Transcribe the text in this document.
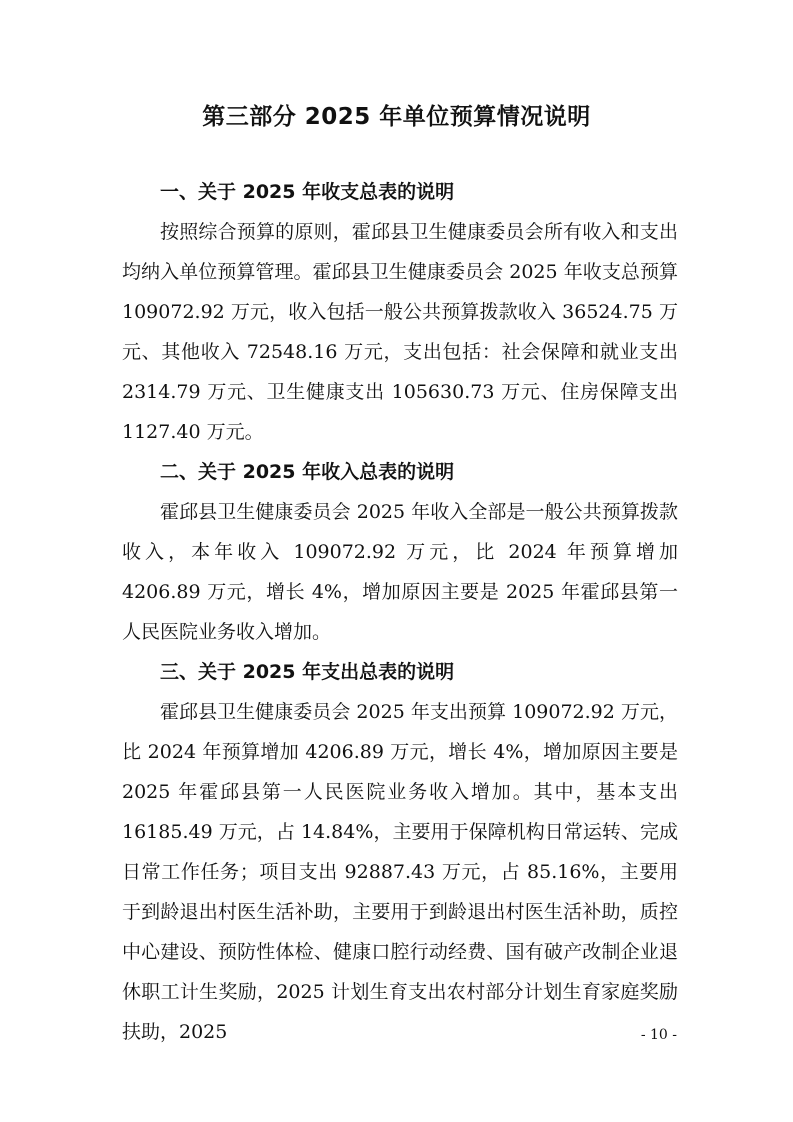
第三部分 2025 年单位预算情况说明
一、关于 2025 年收支总表的说明

按照综合预算的原则，霍邱县卫生健康委员会所有收入和支出均纳入单位预算管理。霍邱县卫生健康委员会 2025 年收支总预算 109072.92 万元，收入包括一般公共预算拨款收入 36524.75 万元、其他收入 72548.16 万元，支出包括：社会保障和就业支出 2314.79 万元、卫生健康支出 105630.73 万元、住房保障支出 1127.40 万元。

二、关于 2025 年收入总表的说明

霍邱县卫生健康委员会 2025 年收入全部是一般公共预算拨款收入，本年收入 109072.92 万元，比 2024 年预算增加 4206.89 万元，增长 4%，增加原因主要是 2025 年霍邱县第一人民医院业务收入增加。

三、关于 2025 年支出总表的说明

霍邱县卫生健康委员会 2025 年支出预算 109072.92 万元，比 2024 年预算增加 4206.89 万元，增长 4%，增加原因主要是 2025 年霍邱县第一人民医院业务收入增加。其中，基本支出 16185.49 万元，占 14.84%，主要用于保障机构日常运转、完成日常工作任务；项目支出 92887.43 万元，占 85.16%，主要用于到龄退出村医生活补助，主要用于到龄退出村医生活补助，质控中心建设、预防性体检、健康口腔行动经费、国有破产改制企业退休职工计生奖励，2025 计划生育支出农村部分计划生育家庭奖励扶助，2025	- 10 -
